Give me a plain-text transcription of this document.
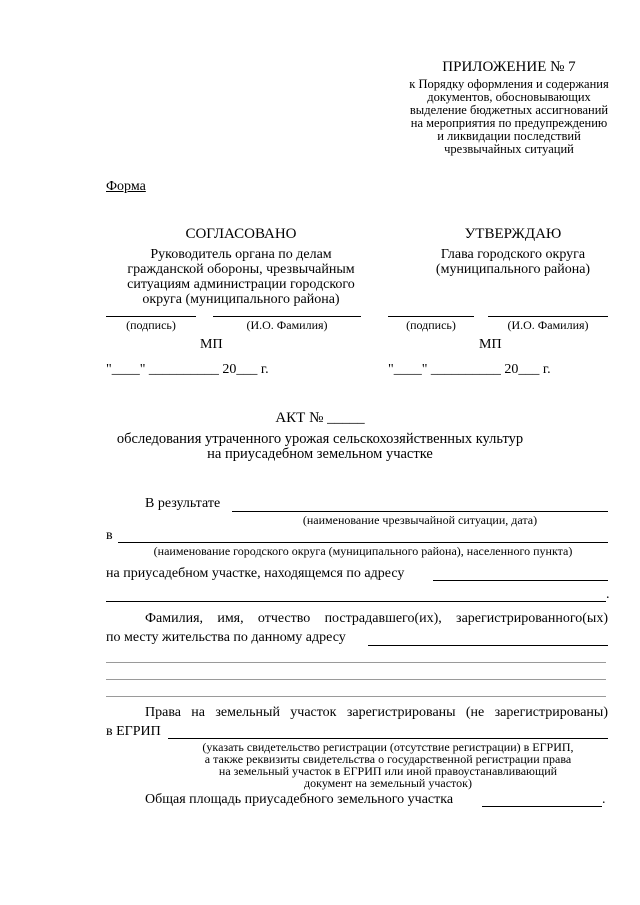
ПРИЛОЖЕНИЕ № 7
к Порядку оформления и содержания
документов, обосновывающих
выделение бюджетных ассигнований
на мероприятия по предупреждению
и ликвидации последствий
чрезвычайных ситуаций
Форма
СОГЛАСОВАНО
Руководитель органа по делам
гражданской обороны, чрезвычайным
ситуациям администрации городского
округа (муниципального района)
(подпись)	(И.О. Фамилия)
МП
"____" __________ 20___ г.
УТВЕРЖДАЮ
Глава городского округа
(муниципального района)
(подпись)	(И.О. Фамилия)
МП
"____" __________ 20___ г.
АКТ № _____
обследования утраченного урожая сельскохозяйственных культур
на приусадебном земельном участке
В результате
(наименование чрезвычайной ситуации, дата)
в
(наименование городского округа (муниципального района), населенного пункта)
на приусадебном участке, находящемся по адресу
.
Фамилия, имя, отчество пострадавшего(их), зарегистрированного(ых)
по месту жительства по данному адресу
Права на земельный участок зарегистрированы (не зарегистрированы)
в ЕГРИП
(указать свидетельство регистрации (отсутствие регистрации) в ЕГРИП,
а также реквизиты свидетельства о государственной регистрации права
на земельный участок в ЕГРИП или иной правоустанавливающий
документ на земельный участок)
Общая площадь приусадебного земельного участка	.
